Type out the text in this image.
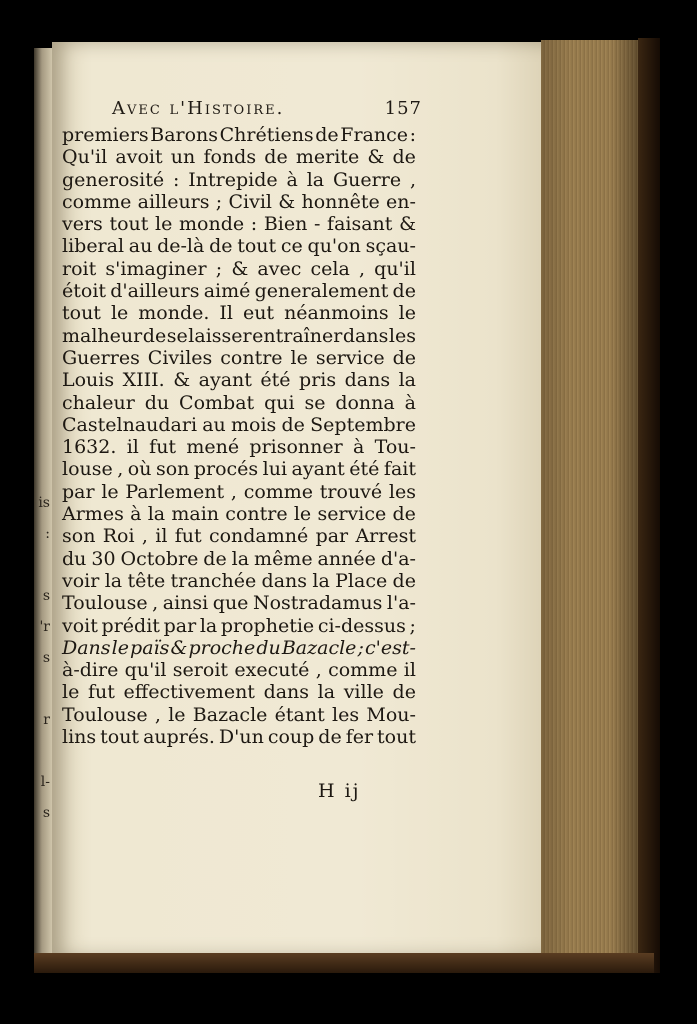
is
:
s
'r
s
r
l-
s
Avec l'Histoire.	157
premiers Barons Chrétiens de France :
Qu'il avoit un fonds de merite & de
generosité : Intrepide à la Guerre ,
comme ailleurs ; Civil & honnête en-
vers tout le monde : Bien - faisant &
liberal au de-là de tout ce qu'on sçau-
roit s'imaginer ; & avec cela , qu'il
étoit d'ailleurs aimé generalement de
tout le monde. Il eut néanmoins le
malheur de se laisser entraîner dans les
Guerres Civiles contre le service de
Louis XIII. & ayant été pris dans la
chaleur du Combat qui se donna à
Castelnaudari au mois de Septembre
1632. il fut mené prisonner à Tou-
louse , où son procés lui ayant été fait
par le Parlement , comme trouvé les
Armes à la main contre le service de
son Roi , il fut condamné par Arrest
du 30 Octobre de la même année d'a-
voir la tête tranchée dans la Place de
Toulouse , ainsi que Nostradamus l'a-
voit prédit par la prophetie ci-dessus ;
Dans le païs & proche du Bazacle ; c'est-
à-dire qu'il seroit executé , comme il
le fut effectivement dans la ville de
Toulouse , le Bazacle étant les Mou-
lins tout auprés. D'un coup de fer tout
H ij
